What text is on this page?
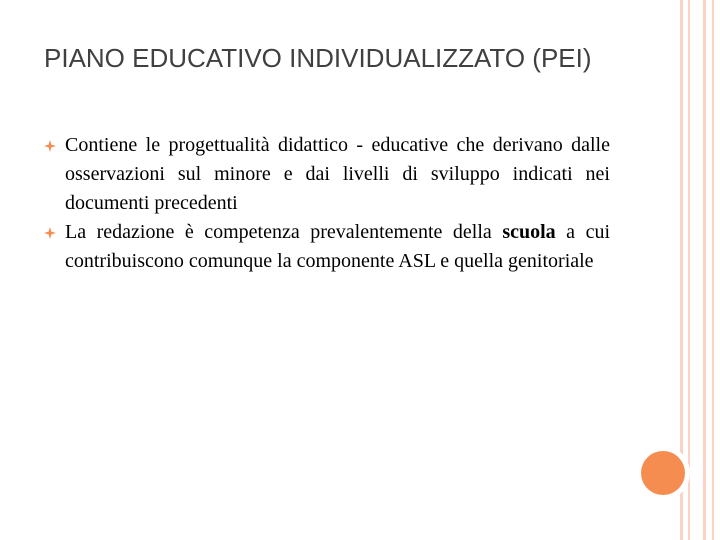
PIANO EDUCATIVO INDIVIDUALIZZATO (PEI)
Contiene le progettualità didattico - educative che derivano dalle osservazioni sul minore e dai livelli di sviluppo indicati nei documenti precedenti
La redazione è competenza prevalentemente della scuola a cui contribuiscono comunque la componente ASL e quella genitoriale
